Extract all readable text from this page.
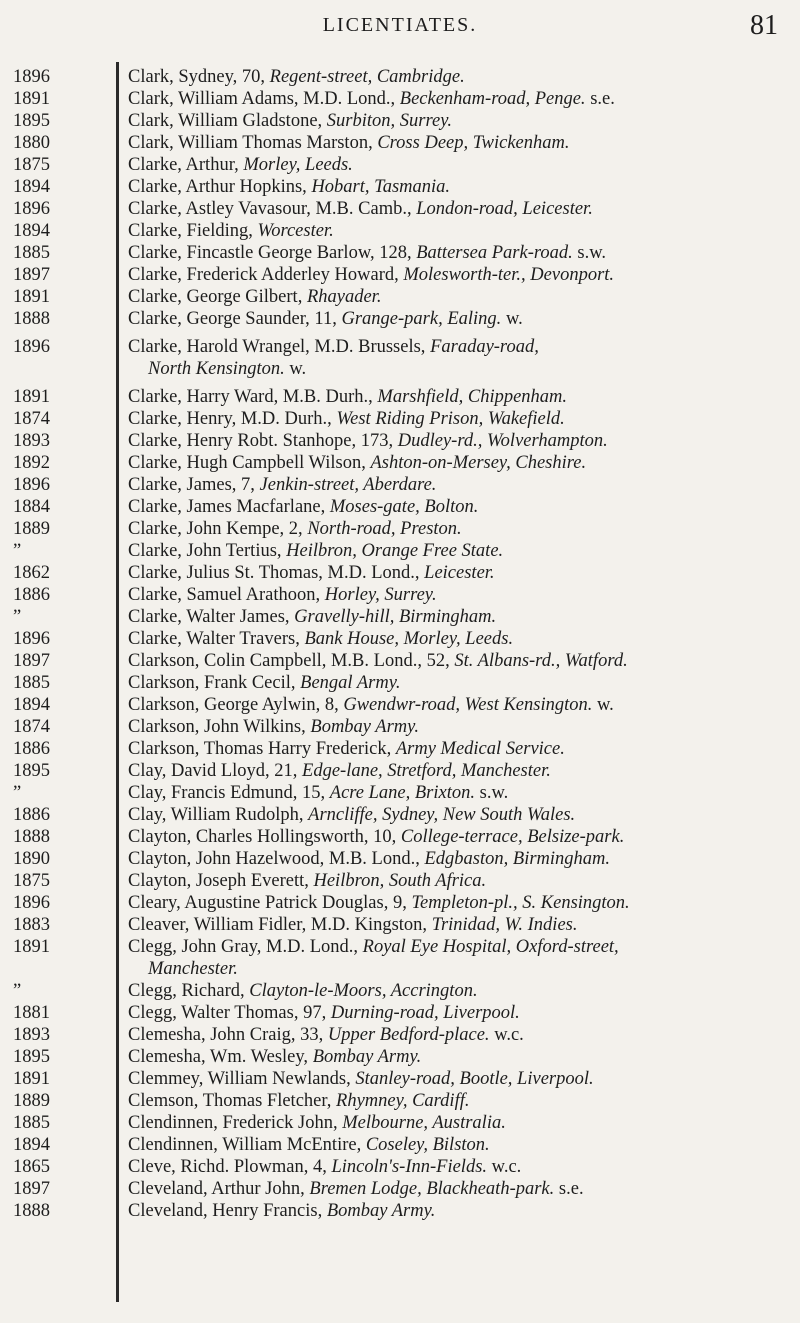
LICENTIATES.	81
1896	Clark, Sydney, 70, Regent-street, Cambridge.
1891	Clark, William Adams, M.D. Lond., Beckenham-road, Penge. s.e.
1895	Clark, William Gladstone, Surbiton, Surrey.
1880	Clark, William Thomas Marston, Cross Deep, Twickenham.
1875	Clarke, Arthur, Morley, Leeds.
1894	Clarke, Arthur Hopkins, Hobart, Tasmania.
1896	Clarke, Astley Vavasour, M.B. Camb., London-road, Leicester.
1894	Clarke, Fielding, Worcester.
1885	Clarke, Fincastle George Barlow, 128, Battersea Park-road. s.w.
1897	Clarke, Frederick Adderley Howard, Molesworth-ter., Devonport.
1891	Clarke, George Gilbert, Rhayader.
1888	Clarke, George Saunder, 11, Grange-park, Ealing. w.
1896	Clarke, Harold Wrangel, M.D. Brussels, Faraday-road,
North Kensington. w.
1891	Clarke, Harry Ward, M.B. Durh., Marshfield, Chippenham.
1874	Clarke, Henry, M.D. Durh., West Riding Prison, Wakefield.
1893	Clarke, Henry Robt. Stanhope, 173, Dudley-rd., Wolverhampton.
1892	Clarke, Hugh Campbell Wilson, Ashton-on-Mersey, Cheshire.
1896	Clarke, James, 7, Jenkin-street, Aberdare.
1884	Clarke, James Macfarlane, Moses-gate, Bolton.
1889	Clarke, John Kempe, 2, North-road, Preston.
”	Clarke, John Tertius, Heilbron, Orange Free State.
1862	Clarke, Julius St. Thomas, M.D. Lond., Leicester.
1886	Clarke, Samuel Arathoon, Horley, Surrey.
”	Clarke, Walter James, Gravelly-hill, Birmingham.
1896	Clarke, Walter Travers, Bank House, Morley, Leeds.
1897	Clarkson, Colin Campbell, M.B. Lond., 52, St. Albans-rd., Watford.
1885	Clarkson, Frank Cecil, Bengal Army.
1894	Clarkson, George Aylwin, 8, Gwendwr-road, West Kensington. w.
1874	Clarkson, John Wilkins, Bombay Army.
1886	Clarkson, Thomas Harry Frederick, Army Medical Service.
1895	Clay, David Lloyd, 21, Edge-lane, Stretford, Manchester.
”	Clay, Francis Edmund, 15, Acre Lane, Brixton. s.w.
1886	Clay, William Rudolph, Arncliffe, Sydney, New South Wales.
1888	Clayton, Charles Hollingsworth, 10, College-terrace, Belsize-park.
1890	Clayton, John Hazelwood, M.B. Lond., Edgbaston, Birmingham.
1875	Clayton, Joseph Everett, Heilbron, South Africa.
1896	Cleary, Augustine Patrick Douglas, 9, Templeton-pl., S. Kensington.
1883	Cleaver, William Fidler, M.D. Kingston, Trinidad, W. Indies.
1891	Clegg, John Gray, M.D. Lond., Royal Eye Hospital, Oxford-street,
Manchester.
”	Clegg, Richard, Clayton-le-Moors, Accrington.
1881	Clegg, Walter Thomas, 97, Durning-road, Liverpool.
1893	Clemesha, John Craig, 33, Upper Bedford-place. w.c.
1895	Clemesha, Wm. Wesley, Bombay Army.
1891	Clemmey, William Newlands, Stanley-road, Bootle, Liverpool.
1889	Clemson, Thomas Fletcher, Rhymney, Cardiff.
1885	Clendinnen, Frederick John, Melbourne, Australia.
1894	Clendinnen, William McEntire, Coseley, Bilston.
1865	Cleve, Richd. Plowman, 4, Lincoln's-Inn-Fields. w.c.
1897	Cleveland, Arthur John, Bremen Lodge, Blackheath-park. s.e.
1888	Cleveland, Henry Francis, Bombay Army.
